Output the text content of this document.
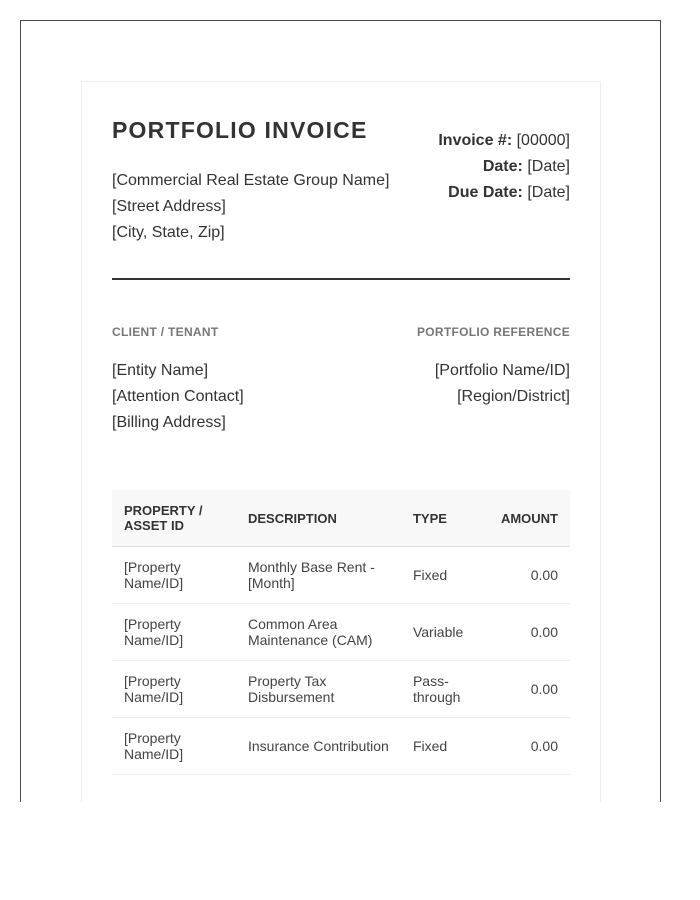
PORTFOLIO INVOICE
[Commercial Real Estate Group Name]
[Street Address]
[City, State, Zip]
Invoice #: [00000]
Date: [Date]
Due Date: [Date]
CLIENT / TENANT	PORTFOLIO REFERENCE
[Entity Name]
[Attention Contact]
[Billing Address]
[Portfolio Name/ID]
[Region/District]
PROPERTY / ASSET ID	DESCRIPTION	TYPE	AMOUNT
[Property Name/ID]	Monthly Base Rent - [Month]	Fixed	0.00
[Property Name/ID]	Common Area Maintenance (CAM)	Variable	0.00
[Property Name/ID]	Property Tax Disbursement	Pass-through	0.00
[Property Name/ID]	Insurance Contribution	Fixed	0.00
